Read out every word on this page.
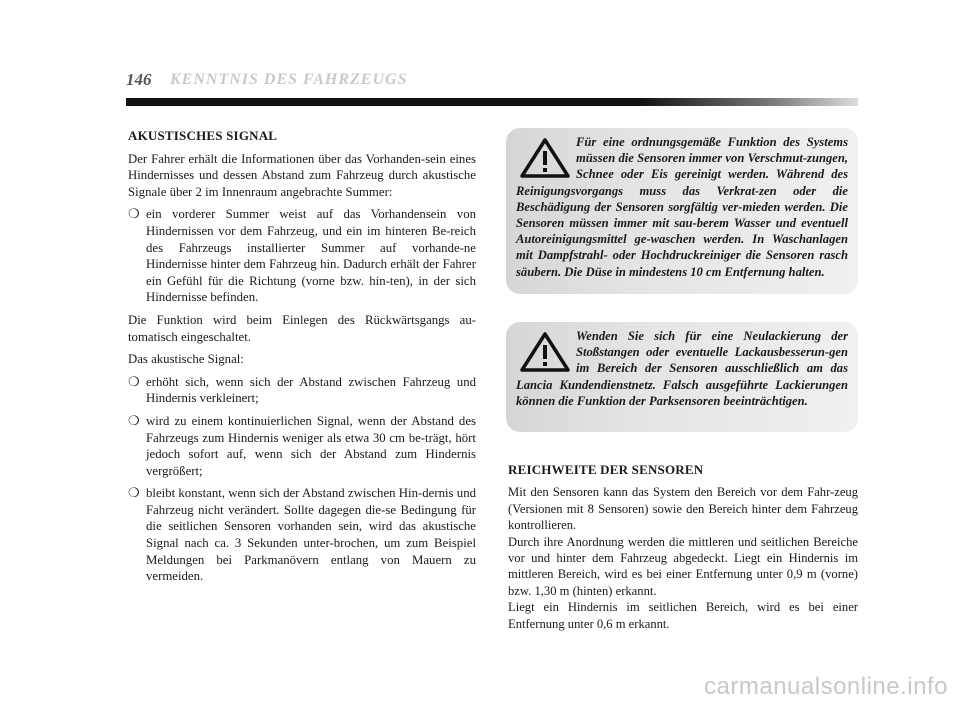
146 KENNTNIS DES FAHRZEUGS
AKUSTISCHES SIGNAL

Der Fahrer erhält die Informationen über das Vorhanden-sein eines Hindernisses und dessen Abstand zum Fahrzeug durch akustische Signale über 2 im Innenraum angebrachte Summer:

❍ ein vorderer Summer weist auf das Vorhandensein von Hindernissen vor dem Fahrzeug, und ein im hinteren Be-reich des Fahrzeugs installierter Summer auf vorhande-ne Hindernisse hinter dem Fahrzeug hin. Dadurch erhält der Fahrer ein Gefühl für die Richtung (vorne bzw. hin-ten), in der sich Hindernisse befinden.

Die Funktion wird beim Einlegen des Rückwärtsgangs au-tomatisch eingeschaltet.

Das akustische Signal:

❍ erhöht sich, wenn sich der Abstand zwischen Fahrzeug und Hindernis verkleinert;
❍ wird zu einem kontinuierlichen Signal, wenn der Abstand des Fahrzeugs zum Hindernis weniger als etwa 30 cm be-trägt, hört jedoch sofort auf, wenn sich der Abstand zum Hindernis vergrößert;
❍ bleibt konstant, wenn sich der Abstand zwischen Hin-dernis und Fahrzeug nicht verändert. Sollte dagegen die-se Bedingung für die seitlichen Sensoren vorhanden sein, wird das akustische Signal nach ca. 3 Sekunden unter-brochen, um zum Beispiel Meldungen bei Parkmanövern entlang von Mauern zu vermeiden.
Für eine ordnungsgemäße Funktion des Systems müssen die Sensoren immer von Verschmut-zungen, Schnee oder Eis gereinigt werden. Während des Reinigungsvorgangs muss das Verkrat-zen oder die Beschädigung der Sensoren sorgfältig ver-mieden werden. Die Sensoren müssen immer mit sau-berem Wasser und eventuell Autoreinigungsmittel ge-waschen werden. In Waschanlagen mit Dampfstrahl- oder Hochdruckreiniger die Sensoren rasch säubern. Die Düse in mindestens 10 cm Entfernung halten.
Wenden Sie sich für eine Neulackierung der Stoßstangen oder eventuelle Lackausbesserun-gen im Bereich der Sensoren ausschließlich am das Lancia Kundendienstnetz. Falsch ausgeführte Lackierungen können die Funktion der Parksensoren beeinträchtigen.
REICHWEITE DER SENSOREN

Mit den Sensoren kann das System den Bereich vor dem Fahr-zeug (Versionen mit 8 Sensoren) sowie den Bereich hinter dem Fahrzeug kontrollieren.

Durch ihre Anordnung werden die mittleren und seitlichen Bereiche vor und hinter dem Fahrzeug abgedeckt. Liegt ein Hindernis im mittleren Bereich, wird es bei einer Entfernung unter 0,9 m (vorne) bzw. 1,30 m (hinten) erkannt.

Liegt ein Hindernis im seitlichen Bereich, wird es bei einer Entfernung unter 0,6 m erkannt.

carmanualsonline.info
